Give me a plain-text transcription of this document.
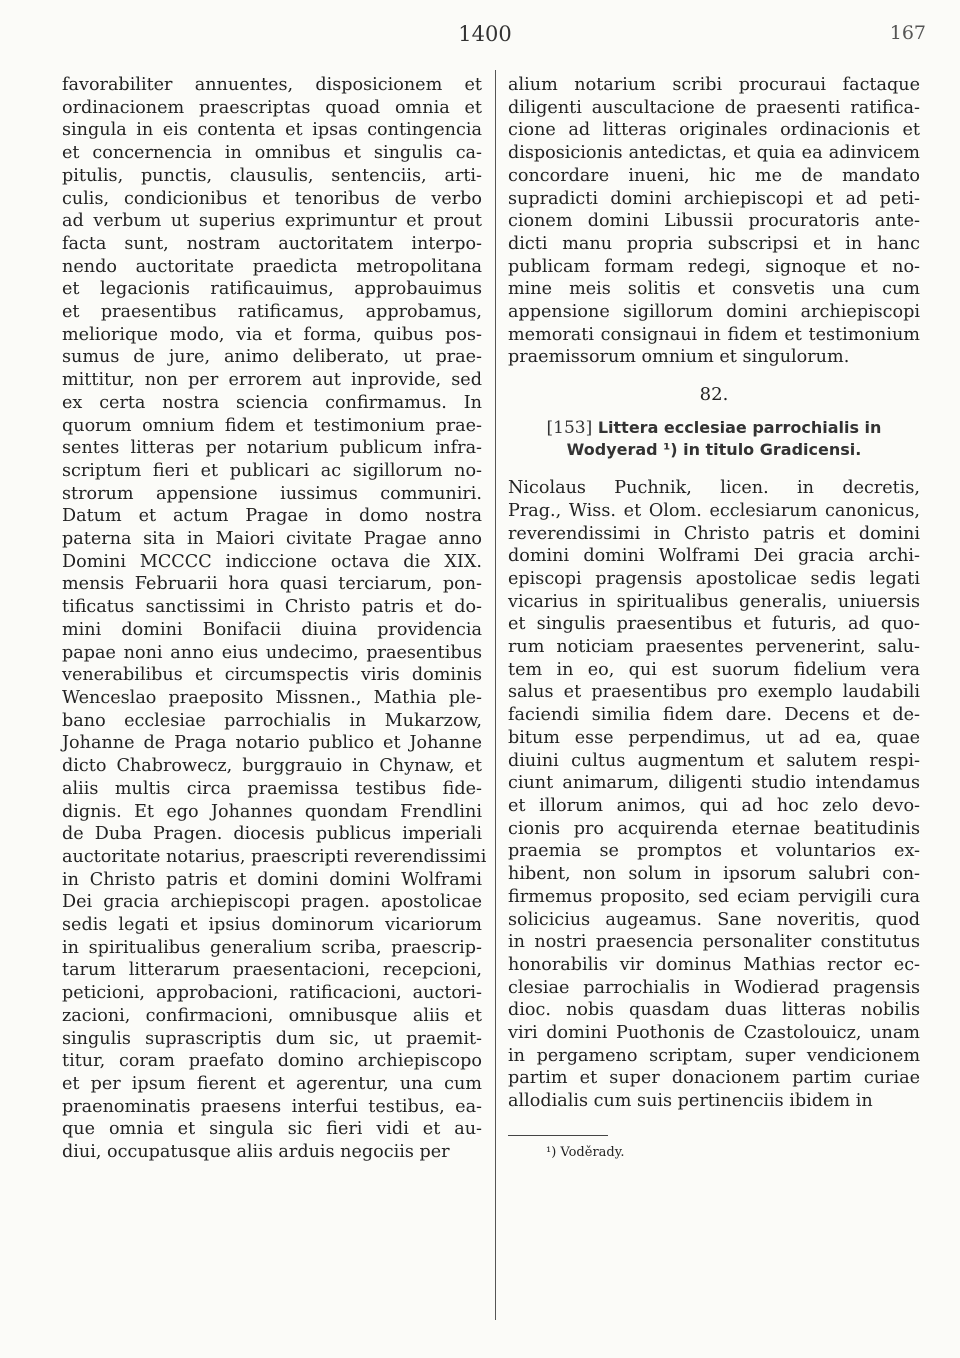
1400	167
favorabiliter annuentes, disposicionem et
ordinacionem praescriptas quoad omnia et
singula in eis contenta et ipsas contingencia
et concernencia in omnibus et singulis ca-
pitulis, punctis, clausulis, sentenciis, arti-
culis, condicionibus et tenoribus de verbo
ad verbum ut superius exprimuntur et prout
facta sunt, nostram auctoritatem interpo-
nendo auctoritate praedicta metropolitana
et legacionis ratificauimus, approbauimus
et praesentibus ratificamus, approbamus,
meliorique modo, via et forma, quibus pos-
sumus de jure, animo deliberato, ut prae-
mittitur, non per errorem aut inprovide, sed
ex certa nostra sciencia confirmamus. In
quorum omnium fidem et testimonium prae-
sentes litteras per notarium publicum infra-
scriptum fieri et publicari ac sigillorum no-
strorum appensione iussimus communiri.
Datum et actum Pragae in domo nostra
paterna sita in Maiori civitate Pragae anno
Domini MCCCC indiccione octava die XIX.
mensis Februarii hora quasi terciarum, pon-
tificatus sanctissimi in Christo patris et do-
mini domini Bonifacii diuina providencia
papae noni anno eius undecimo, praesentibus
venerabilibus et circumspectis viris dominis
Wenceslao praeposito Missnen., Mathia ple-
bano ecclesiae parrochialis in Mukarzow,
Johanne de Praga notario publico et Johanne
dicto Chabrowecz, burggrauio in Chynaw, et
aliis multis circa praemissa testibus fide-
dignis. Et ego Johannes quondam Frendlini
de Duba Pragen. diocesis publicus imperiali
auctoritate notarius, praescripti reverendissimi
in Christo patris et domini domini Wolframi
Dei gracia archiepiscopi pragen. apostolicae
sedis legati et ipsius dominorum vicariorum
in spiritualibus generalium scriba, praescrip-
tarum litterarum praesentacioni, recepcioni,
peticioni, approbacioni, ratificacioni, auctori-
zacioni, confirmacioni, omnibusque aliis et
singulis suprascriptis dum sic, ut praemit-
titur, coram praefato domino archiepiscopo
et per ipsum fierent et agerentur, una cum
praenominatis praesens interfui testibus, ea-
que omnia et singula sic fieri vidi et au-
diui, occupatusque aliis arduis negociis per
alium notarium scribi procuraui factaque
diligenti auscultacione de praesenti ratifica-
cione ad litteras originales ordinacionis et
disposicionis antedictas, et quia ea adinvicem
concordare inueni, hic me de mandato
supradicti domini archiepiscopi et ad peti-
cionem domini Libussii procuratoris ante-
dicti manu propria subscripsi et in hanc
publicam formam redegi, signoque et no-
mine meis solitis et consvetis una cum
appensione sigillorum domini archiepiscopi
memorati consignaui in fidem et testimonium
praemissorum omnium et singulorum.
82.
[153] Littera ecclesiae parrochialis in
Wodyerad ¹) in titulo Gradicensi.
Nicolaus Puchnik, licen. in decretis,
Prag., Wiss. et Olom. ecclesiarum canonicus,
reverendissimi in Christo patris et domini
domini domini Wolframi Dei gracia archi-
episcopi pragensis apostolicae sedis legati
vicarius in spiritualibus generalis, uniuersis
et singulis praesentibus et futuris, ad quo-
rum noticiam praesentes pervenerint, salu-
tem in eo, qui est suorum fidelium vera
salus et praesentibus pro exemplo laudabili
faciendi similia fidem dare. Decens et de-
bitum esse perpendimus, ut ad ea, quae
diuini cultus augmentum et salutem respi-
ciunt animarum, diligenti studio intendamus
et illorum animos, qui ad hoc zelo devo-
cionis pro acquirenda eternae beatitudinis
praemia se promptos et voluntarios ex-
hibent, non solum in ipsorum salubri con-
firmemus proposito, sed eciam pervigili cura
solicicius augeamus. Sane noveritis, quod
in nostri praesencia personaliter constitutus
honorabilis vir dominus Mathias rector ec-
clesiae parrochialis in Wodierad pragensis
dioc. nobis quasdam duas litteras nobilis
viri domini Puothonis de Czastolouicz, unam
in pergameno scriptam, super vendicionem
partim et super donacionem partim curiae
allodialis cum suis pertinenciis ibidem in
¹) Voděrady.
